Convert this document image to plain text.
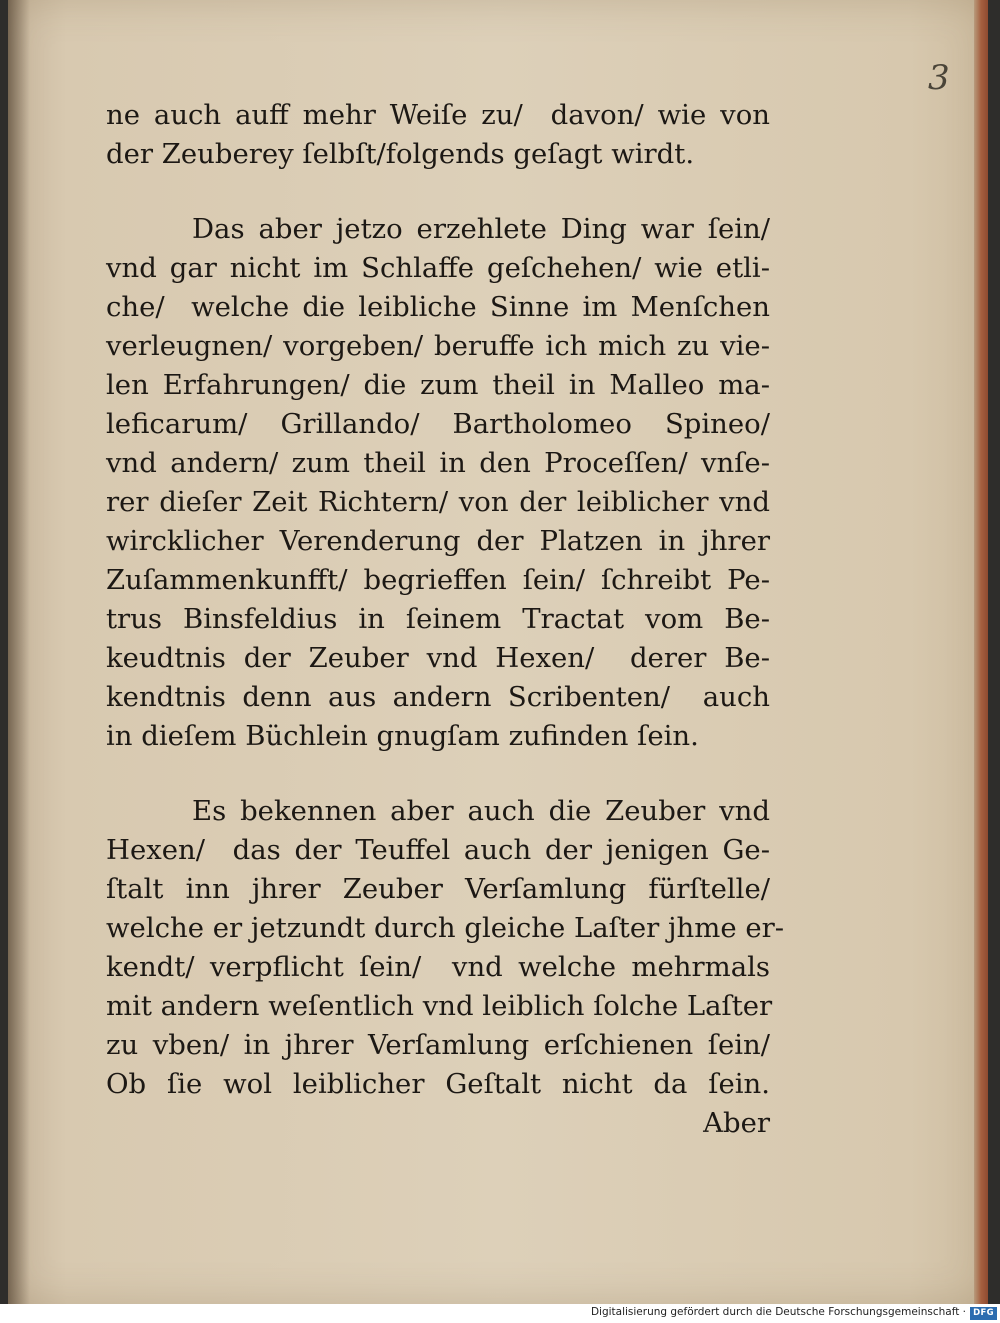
3
ne auch auff mehr Weiſe zu/  davon/ wie von
der Zeuberey ſelbſt/folgends geſagt wirdt.
Das aber jetzo erzehlete Ding war ſein/
vnd gar nicht im Schlaffe geſchehen/ wie etli-
che/  welche die leibliche Sinne im Menſchen
verleugnen/ vorgeben/ beruffe ich mich zu vie-
len Erfahrungen/ die zum theil in Malleo ma-
leficarum/ Grillando/ Bartholomeo Spineo/
vnd andern/ zum theil in den Proceſſen/ vnſe-
rer dieſer Zeit Richtern/ von der leiblicher vnd
wircklicher Verenderung der Platzen in jhrer
Zuſammenkunfft/ begrieffen ſein/ ſchreibt Pe-
trus Binsfeldius in ſeinem Tractat vom Be-
keudtnis der Zeuber vnd Hexen/  derer Be-
kendtnis denn aus andern Scribenten/  auch
in dieſem Büchlein gnugſam zufinden ſein.
Es bekennen aber auch die Zeuber vnd
Hexen/  das der Teuffel auch der jenigen Ge-
ſtalt inn jhrer Zeuber Verſamlung fürſtelle/
welche er jetzundt durch gleiche Laſter jhme er-
kendt/ verpflicht ſein/  vnd welche mehrmals
mit andern weſentlich vnd leiblich ſolche Laſter
zu vben/ in jhrer Verſamlung erſchienen ſein/
Ob ſie wol leiblicher Geſtalt nicht da ſein.
Aber
Digitalisierung gefördert durch die Deutsche Forschungsgemeinschaft · DFG
